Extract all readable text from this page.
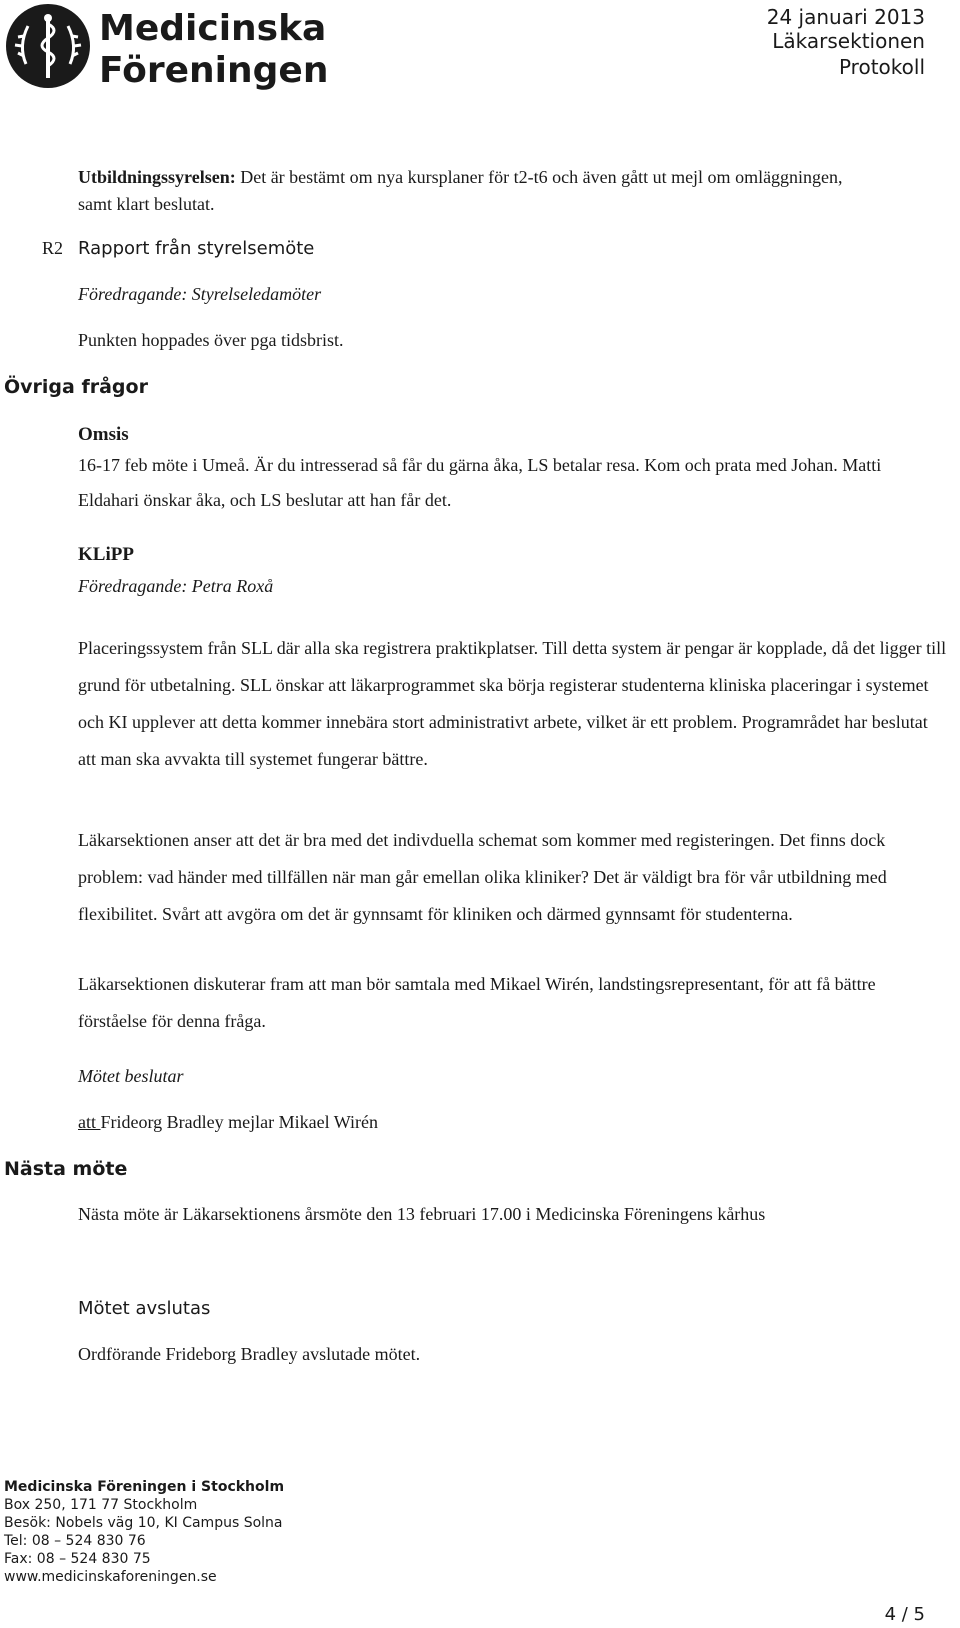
Medicinska
Föreningen
24 januari 2013
Läkarsektionen
Protokoll
Utbildningssyrelsen: Det är bestämt om nya kursplaner för t2-t6 och även gått ut mejl om omläggningen, samt klart beslutat.
R2 Rapport från styrelsemöte
Föredragande: Styrelseledamöter
Punkten hoppades över pga tidsbrist.
Övriga frågor
Omsis
16-17 feb möte i Umeå. Är du intresserad så får du gärna åka, LS betalar resa. Kom och prata med Johan. Matti Eldahari önskar åka, och LS beslutar att han får det.
KLiPP
Föredragande: Petra Roxå
Placeringssystem från SLL där alla ska registrera praktikplatser. Till detta system är pengar är kopplade, då det ligger till grund för utbetalning. SLL önskar att läkarprogrammet ska börja registerar studenterna kliniska placeringar i systemet och KI upplever att detta kommer innebära stort administrativt arbete, vilket är ett problem. Programrådet har beslutat att man ska avvakta till systemet fungerar bättre.
Läkarsektionen anser att det är bra med det indivduella schemat som kommer med registeringen. Det finns dock problem: vad händer med tillfällen när man går emellan olika kliniker? Det är väldigt bra för vår utbildning med flexibilitet. Svårt att avgöra om det är gynnsamt för kliniken och därmed gynnsamt för studenterna.
Läkarsektionen diskuterar fram att man bör samtala med Mikael Wirén, landstingsrepresentant, för att få bättre förståelse för denna fråga.
Mötet beslutar
att Frideorg Bradley mejlar Mikael Wirén
Nästa möte
Nästa möte är Läkarsektionens årsmöte den 13 februari 17.00 i Medicinska Föreningens kårhus
Mötet avslutas
Ordförande Frideborg Bradley avslutade mötet.
Medicinska Föreningen i Stockholm
Box 250, 171 77 Stockholm
Besök: Nobels väg 10, KI Campus Solna
Tel: 08 – 524 830 76
Fax: 08 – 524 830 75
www.medicinskaforeningen.se
4 / 5
